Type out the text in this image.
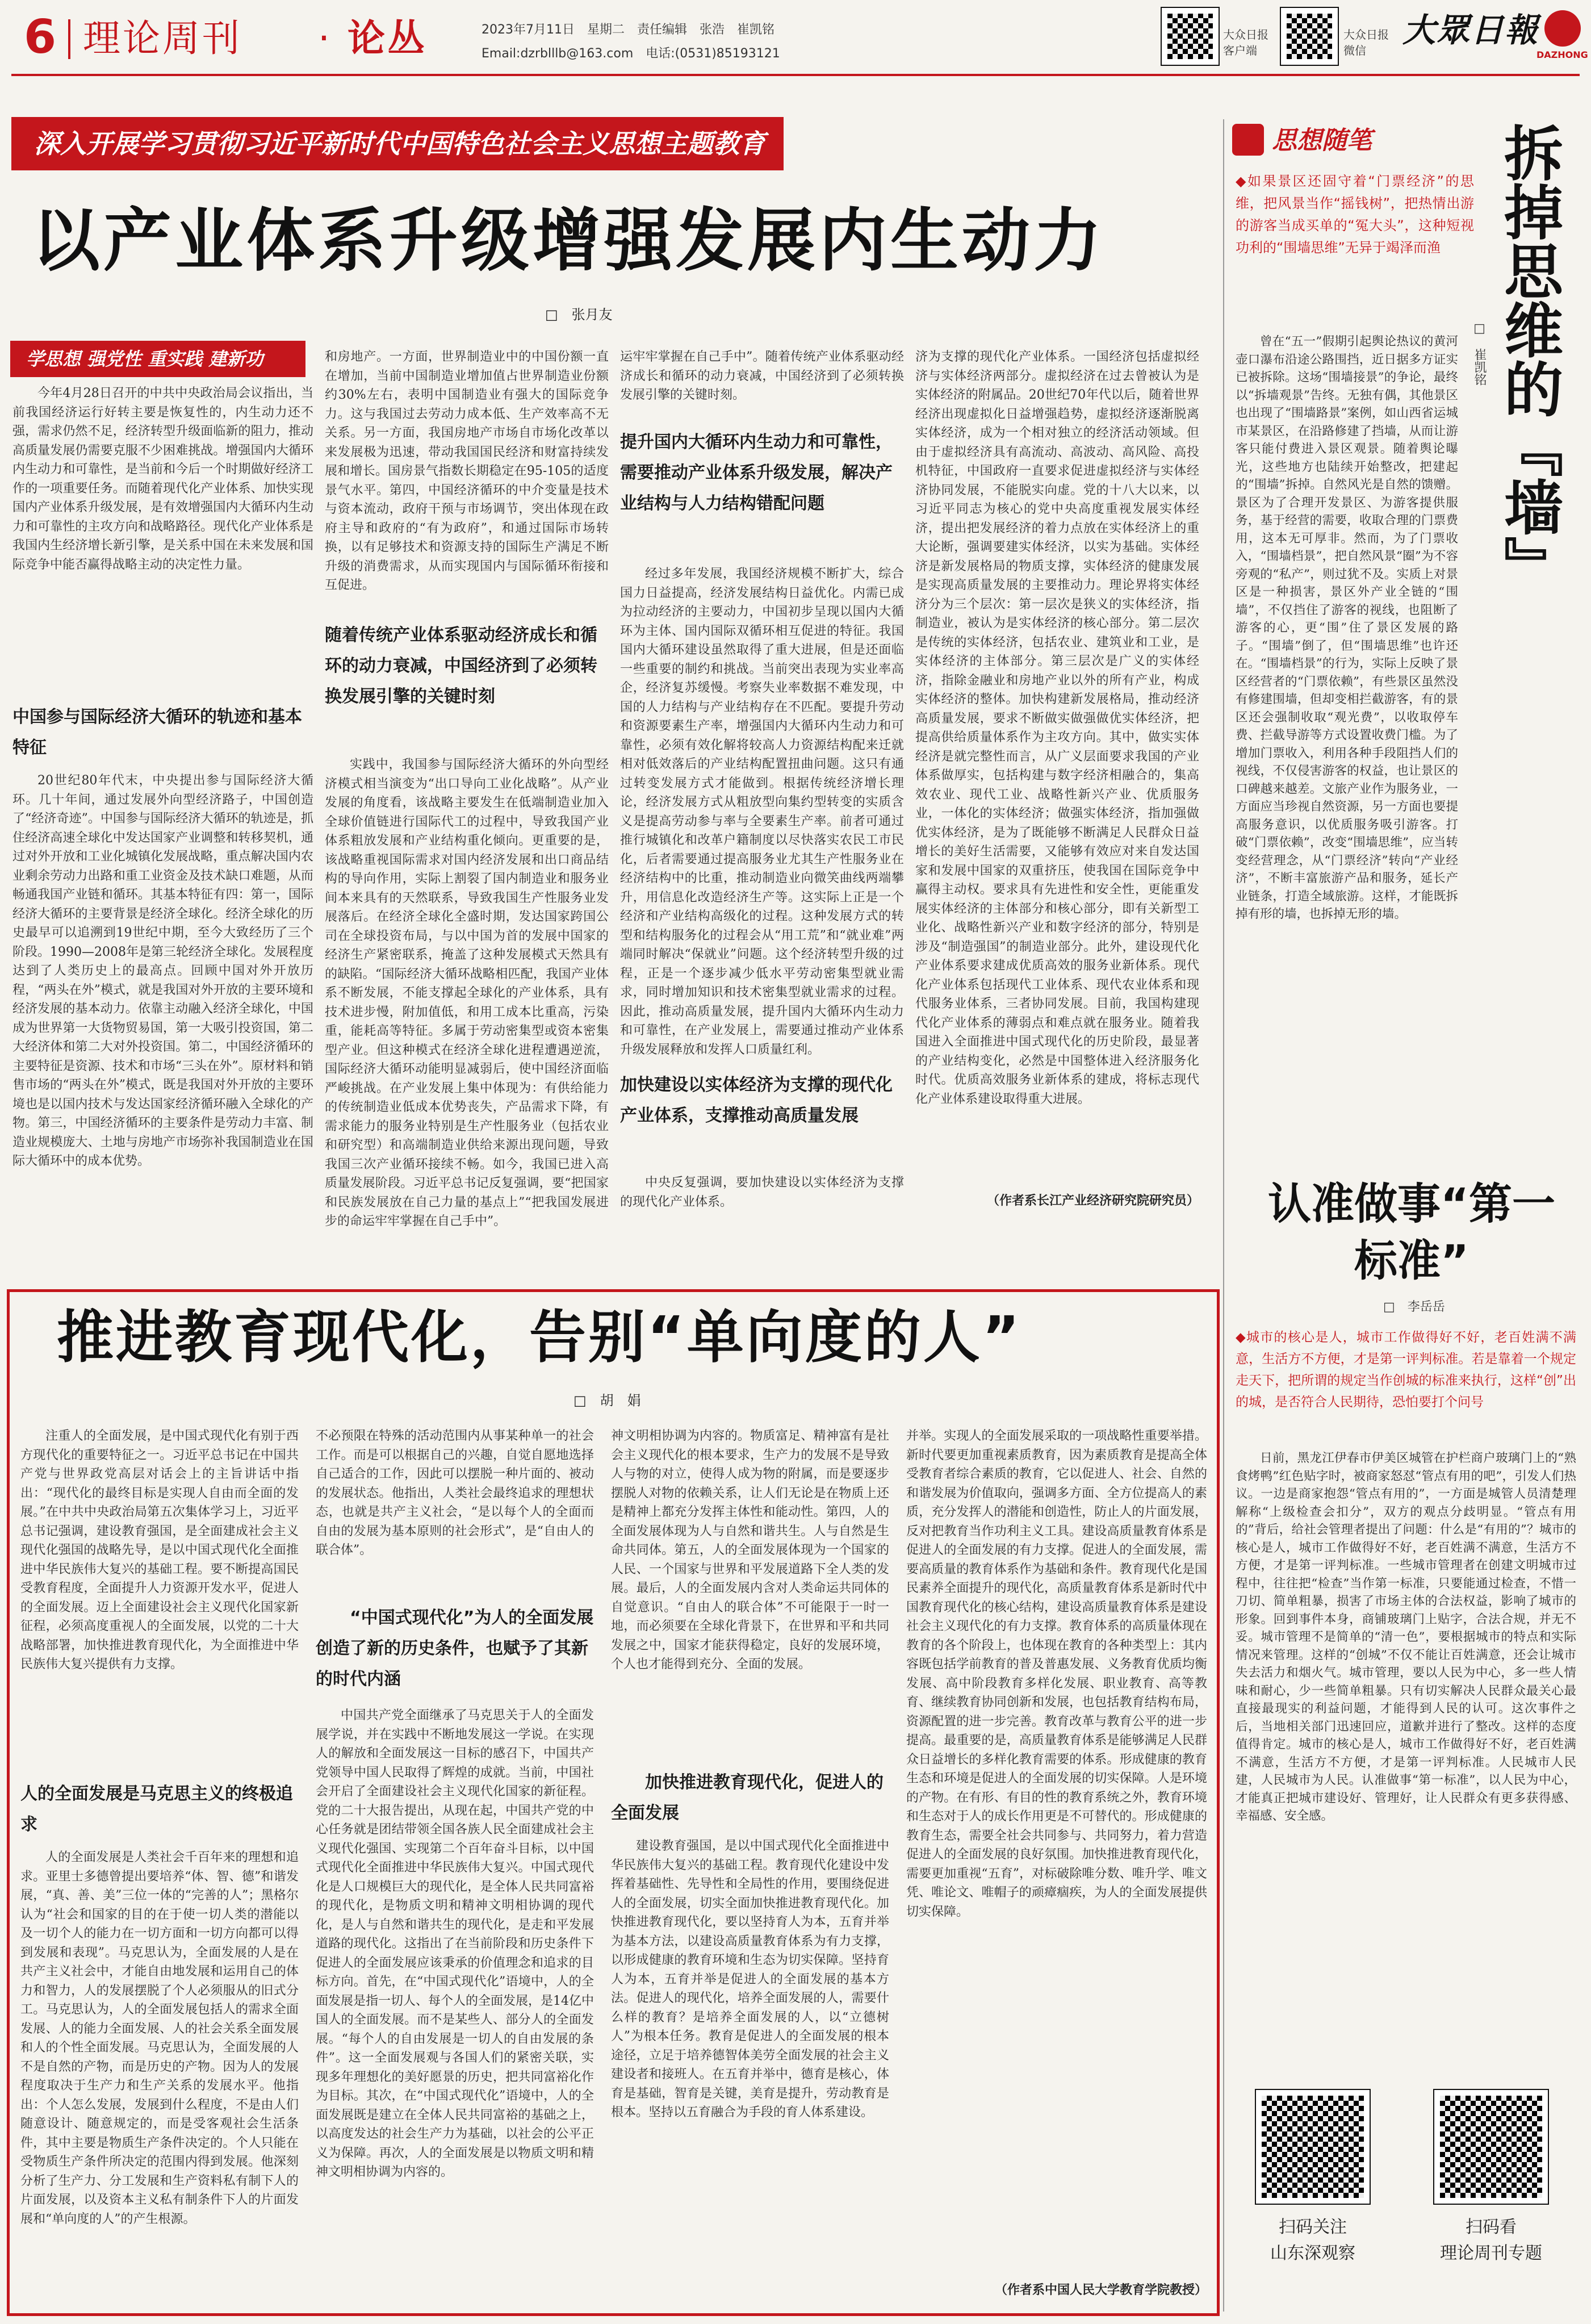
6 理论周刊 · 论丛	2023年7月11日　星期二　责任编辑　张浩　崔凯铭
Email:dzrblllb@163.com　电话:(0531)85193121
大众日报
客户端
大众日报
微信
大眾日報
DAZHONG
深入开展学习贯彻习近平新时代中国特色社会主义思想主题教育
以产业体系升级增强发展内生动力
□　张月友
学思想 强党性 重实践 建新功

今年4月28日召开的中共中央政治局会议指出，当前我国经济运行好转主要是恢复性的，内生动力还不强，需求仍然不足，经济转型升级面临新的阻力，推动高质量发展仍需要克服不少困难挑战。增强国内大循环内生动力和可靠性，是当前和今后一个时期做好经济工作的一项重要任务。而随着现代化产业体系、加快实现国内产业体系升级发展，是有效增强国内大循环内生动力和可靠性的主攻方向和战略路径。现代化产业体系是我国内生经济增长新引擎，是关系中国在未来发展和国际竞争中能否赢得战略主动的决定性力量。

中国参与国际经济大循环的轨迹和基本特征

20世纪80年代末，中央提出参与国际经济大循环。几十年间，通过发展外向型经济路子，中国创造了“经济奇迹”。中国参与国际经济大循环的轨迹是，抓住经济高速全球化中发达国家产业调整和转移契机，通过对外开放和工业化城镇化发展战略，重点解决国内农业剩余劳动力出路和重工业资金及技术缺口难题，从而畅通我国产业链和循环。其基本特征有四：第一，国际经济大循环的主要背景是经济全球化。经济全球化的历史最早可以追溯到19世纪中期，至今大致经历了三个阶段。1990—2008年是第三轮经济全球化。发展程度达到了人类历史上的最高点。回顾中国对外开放历程，“两头在外”模式，就是我国对外开放的主要环境和经济发展的基本动力。依靠主动融入经济全球化，中国成为世界第一大货物贸易国，第一大吸引投资国，第二大经济体和第二大对外投资国。第二，中国经济循环的主要特征是资源、技术和市场“三头在外”。原材料和销售市场的“两头在外”模式，既是我国对外开放的主要环境也是以国内技术与发达国家经济循环融入全球化的产物。第三，中国经济循环的主要条件是劳动力丰富、制造业规模庞大、土地与房地产市场弥补我国制造业在国际大循环中的成本优势。

和房地产。一方面，世界制造业中的中国份额一直在增加，当前中国制造业增加值占世界制造业份额约30%左右，表明中国制造业有强大的国际竞争力。这与我国过去劳动力成本低、生产效率高不无关系。另一方面，我国房地产市场自市场化改革以来发展极为迅速，带动我国国民经济和财富持续发展和增长。国房景气指数长期稳定在95-105的适度景气水平。第四，中国经济循环的中介变量是技术与资本流动，政府干预与市场调节，突出体现在政府主导和政府的“有为政府”，和通过国际市场转换，以有足够技术和资源支持的国际生产满足不断升级的消费需求，从而实现国内与国际循环衔接和互促进。

随着传统产业体系驱动经济成长和循环的动力衰减，中国经济到了必须转换发展引擎的关键时刻

实践中，我国参与国际经济大循环的外向型经济模式相当演变为“出口导向工业化战略”。从产业发展的角度看，该战略主要发生在低端制造业加入全球价值链进行国际代工的过程中，导致我国产业体系粗放发展和产业结构重化倾向。更重要的是，该战略重视国际需求对国内经济发展和出口商品结构的导向作用，实际上割裂了国内制造业和服务业间本来具有的天然联系，导致我国生产性服务业发展落后。在经济全球化全盛时期，发达国家跨国公司在全球投资布局，与以中国为首的发展中国家的经济生产紧密联系，掩盖了这种发展模式天然具有的缺陷。“国际经济大循环战略相匹配，我国产业体系不断发展，不能支撑起全球化的产业体系，具有技术进步慢，附加值低，和用工成本比重高，污染重，能耗高等特征。多属于劳动密集型或资本密集型产业。但这种模式在经济全球化进程遭遇逆流，国际经济大循环动能明显减弱后，使中国经济面临严峻挑战。在产业发展上集中体现为：有供给能力的传统制造业低成本优势丧失，产品需求下降，有需求能力的服务业特别是生产性服务业（包括农业和研究型）和高端制造业供给来源出现问题，导致我国三次产业循环接续不畅。如今，我国已进入高质量发展阶段。习近平总书记反复强调，要“把国家和民族发展放在自己力量的基点上”“把我国发展进步的命运牢牢掌握在自己手中”。

运牢牢掌握在自己手中”。随着传统产业体系驱动经济成长和循环的动力衰减，中国经济到了必须转换发展引擎的关键时刻。

提升国内大循环内生动力和可靠性，需要推动产业体系升级发展，解决产业结构与人力结构错配问题

经过多年发展，我国经济规模不断扩大，综合国力日益提高，经济发展结构日益优化。内需已成为拉动经济的主要动力，中国初步呈现以国内大循环为主体、国内国际双循环相互促进的特征。我国国内大循环建设虽然取得了重大进展，但是还面临一些重要的制约和挑战。当前突出表现为实业率高企，经济复苏缓慢。考察失业率数据不难发现，中国的人力结构与产业结构存在不匹配。要提升劳动和资源要素生产率，增强国内大循环内生动力和可靠性，必须有效化解将较高人力资源结构配来迁就相对低效落后的产业结构配置扭曲问题。这只有通过转变发展方式才能做到。根据传统经济增长理论，经济发展方式从粗放型向集约型转变的实质含义是提高劳动参与率与全要素生产率。前者可通过推行城镇化和改革户籍制度以尽快落实农民工市民化，后者需要通过提高服务业尤其生产性服务业在经济结构中的比重，推动制造业向微笑曲线两端攀升，用信息化改造经济生产等。这实际上正是一个经济和产业结构高级化的过程。这种发展方式的转型和结构服务化的过程会从“用工荒”和“就业难”两端同时解决“保就业”问题。这个经济转型升级的过程，正是一个逐步减少低水平劳动密集型就业需求，同时增加知识和技术密集型就业需求的过程。因此，推动高质量发展，提升国内大循环内生动力和可靠性，在产业发展上，需要通过推动产业体系升级发展释放和发挥人口质量红利。

加快建设以实体经济为支撑的现代化产业体系，支撑推动高质量发展

中央反复强调，要加快建设以实体经济为支撑的现代化产业体系。

济为支撑的现代化产业体系。一国经济包括虚拟经济与实体经济两部分。虚拟经济在过去曾被认为是实体经济的附属品。20世纪70年代以后，随着世界经济出现虚拟化日益增强趋势，虚拟经济逐渐脱离实体经济，成为一个相对独立的经济活动领域。但由于虚拟经济具有高流动、高波动、高风险、高投机特征，中国政府一直要求促进虚拟经济与实体经济协同发展，不能脱实向虚。党的十八大以来，以习近平同志为核心的党中央高度重视发展实体经济，提出把发展经济的着力点放在实体经济上的重大论断，强调要建实体经济，以实为基础。实体经济是新发展格局的物质支撑，实体经济的健康发展是实现高质量发展的主要推动力。理论界将实体经济分为三个层次：第一层次是狭义的实体经济，指制造业，被认为是实体经济的核心部分。第二层次是传统的实体经济，包括农业、建筑业和工业，是实体经济的主体部分。第三层次是广义的实体经济，指除金融业和房地产业以外的所有产业，构成实体经济的整体。加快构建新发展格局，推动经济高质量发展，要求不断做实做强做优实体经济，把提高供给质量体系作为主攻方向。其中，做实实体经济是就完整性而言，从广义层面要求我国的产业体系做厚实，包括构建与数字经济相融合的，集高效农业、现代工业、战略性新兴产业、优质服务业，一体化的实体经济；做强实体经济，指加强做优实体经济，是为了既能够不断满足人民群众日益增长的美好生活需要，又能够有效应对来自发达国家和发展中国家的双重挤压，使我国在国际竞争中赢得主动权。要求具有先进性和安全性，更能重发展实体经济的主体部分和核心部分，即有关新型工业化、战略性新兴产业和数字经济的部分，特别是涉及“制造强国”的制造业部分。此外，建设现代化产业体系要求建成优质高效的服务业新体系。现代化产业体系包括现代工业体系、现代农业体系和现代服务业体系，三者协同发展。目前，我国构建现代化产业体系的薄弱点和难点就在服务业。随着我国进入全面推进中国式现代化的历史阶段，最显著的产业结构变化，必然是中国整体进入经济服务化时代。优质高效服务业新体系的建成，将标志现代化产业体系建设取得重大进展。

（作者系长江产业经济研究院研究员）

推进教育现代化，告别“单向度的人”
□　胡　娟

注重人的全面发展，是中国式现代化有别于西方现代化的重要特征之一。习近平总书记在中国共产党与世界政党高层对话会上的主旨讲话中指出：“现代化的最终目标是实现人自由而全面的发展。”在中共中央政治局第五次集体学习上，习近平总书记强调，建设教育强国，是全面建成社会主义现代化强国的战略先导，是以中国式现代化全面推进中华民族伟大复兴的基础工程。要不断提高国民受教育程度，全面提升人力资源开发水平，促进人的全面发展。迈上全面建设社会主义现代化国家新征程，必须高度重视人的全面发展，以党的二十大战略部署，加快推进教育现代化，为全面推进中华民族伟大复兴提供有力支撑。

人的全面发展是马克思主义的终极追求

人的全面发展是人类社会千百年来的理想和追求。亚里士多德曾提出要培养“体、智、德”和谐发展，“真、善、美”三位一体的“完善的人”；黑格尔认为“社会和国家的目的在于使一切人类的潜能以及一切个人的能力在一切方面和一切方向都可以得到发展和表现”。马克思认为，全面发展的人是在共产主义社会中，才能自由地发展和运用自己的体力和智力，人的发展摆脱了个人必须服从的旧式分工。马克思认为，人的全面发展包括人的需求全面发展、人的能力全面发展、人的社会关系全面发展和人的个性全面发展。马克思认为，全面发展的人不是自然的产物，而是历史的产物。因为人的发展程度取决于生产力和生产关系的发展水平。他指出：个人怎么发展，发展到什么程度，不是由人们随意设计、随意规定的，而是受客观社会生活条件，其中主要是物质生产条件决定的。个人只能在受物质生产条件所决定的范围内得到发展。他深刻分析了生产力、分工发展和生产资料私有制下人的片面发展，以及资本主义私有制条件下人的片面发展和“单向度的人”的产生根源。

不必预限在特殊的活动范围内从事某种单一的社会工作。而是可以根据自己的兴趣，自觉自愿地选择自己适合的工作，因此可以摆脱一种片面的、被动的发展状态。他指出，人类社会最终追求的理想状态，也就是共产主义社会，“是以每个人的全面而自由的发展为基本原则的社会形式”，是“自由人的联合体”。

“中国式现代化”为人的全面发展创造了新的历史条件，也赋予了其新的时代内涵

中国共产党全面继承了马克思关于人的全面发展学说，并在实践中不断地发展这一学说。在实现人的解放和全面发展这一目标的感召下，中国共产党领导中国人民取得了辉煌的成就。当前，中国社会开启了全面建设社会主义现代化国家的新征程。党的二十大报告提出，从现在起，中国共产党的中心任务就是团结带领全国各族人民全面建成社会主义现代化强国、实现第二个百年奋斗目标，以中国式现代化全面推进中华民族伟大复兴。中国式现代化是人口规模巨大的现代化，是全体人民共同富裕的现代化，是物质文明和精神文明相协调的现代化，是人与自然和谐共生的现代化，是走和平发展道路的现代化。这指出了在当前阶段和历史条件下促进人的全面发展应该秉承的价值理念和追求的目标方向。首先，在“中国式现代化”语境中，人的全面发展是指一切人、每个人的全面发展，是14亿中国人的全面发展。而不是某些人、部分人的全面发展。“每个人的自由发展是一切人的自由发展的条件”。这一全面发展观与各国人们的紧密关联，实现多年理想化的美好愿景的历史，把共同富裕化作为目标。其次，在“中国式现代化”语境中，人的全面发展既是建立在全体人民共同富裕的基础之上，以高度发达的社会生产力为基础，以社会的公平正义为保障。再次，人的全面发展是以物质文明和精神文明相协调为内容的。

神文明相协调为内容的。物质富足、精神富有是社会主义现代化的根本要求，生产力的发展不是导致人与物的对立，使得人成为物的附属，而是要逐步摆脱人对物的依赖关系，让人们无论是在物质上还是精神上都充分发挥主体性和能动性。第四，人的全面发展体现为人与自然和谐共生。人与自然是生命共同体。第五，人的全面发展体现为一个国家的人民、一个国家与世界和平发展道路下全人类的发展。最后，人的全面发展内含对人类命运共同体的自觉意识。“自由人的联合体”不可能限于一时一地，而必须要在全球化背景下，在世界和平和共同发展之中，国家才能获得稳定，良好的发展环境，个人也才能得到充分、全面的发展。

加快推进教育现代化，促进人的全面发展

建设教育强国，是以中国式现代化全面推进中华民族伟大复兴的基础工程。教育现代化建设中发挥着基础性、先导性和全局性的作用，要围绕促进人的全面发展，切实全面加快推进教育现代化。加快推进教育现代化，要以坚持育人为本，五育并举为基本方法，以建设高质量教育体系为有力支撑，以形成健康的教育环境和生态为切实保障。坚持育人为本，五育并举是促进人的全面发展的基本方法。促进人的现代化，培养全面发展的人，需要什么样的教育？是培养全面发展的人，以“立德树人”为根本任务。教育是促进人的全面发展的根本途径，立足于培养德智体美劳全面发展的社会主义建设者和接班人。在五育并举中，德育是核心，体育是基础，智育是关键，美育是提升，劳动教育是根本。坚持以五育融合为手段的育人体系建设。

并举。实现人的全面发展采取的一项战略性重要举措。新时代要更加重视素质教育，因为素质教育是提高全体受教育者综合素质的教育，它以促进人、社会、自然的和谐发展为价值取向，强调多方面、全方位提高人的素质，充分发挥人的潜能和创造性，防止人的片面发展，反对把教育当作功利主义工具。建设高质量教育体系是促进人的全面发展的有力支撑。促进人的全面发展，需要高质量的教育体系作为基础和条件。教育现代化是国民素养全面提升的现代化，高质量教育体系是新时代中国教育现代化的核心结构，建设高质量教育体系是建设社会主义现代化的有力支撑。教育体系的高质量体现在教育的各个阶段上，也体现在教育的各种类型上：其内容既包括学前教育的普及普惠发展、义务教育优质均衡发展、高中阶段教育多样化发展、职业教育、高等教育、继续教育协同创新和发展，也包括教育结构布局，资源配置的进一步完善。教育改革与教育公平的进一步提高。最重要的是，高质量教育体系是能够满足人民群众日益增长的多样化教育需要的体系。形成健康的教育生态和环境是促进人的全面发展的切实保障。人是环境的产物。在有形、有目的性的教育系统之外，教育环境和生态对于人的成长作用更是不可替代的。形成健康的教育生态，需要全社会共同参与、共同努力，着力营造促进人的全面发展的良好氛围。加快推进教育现代化，需要更加重视“五育”，对标破除唯分数、唯升学、唯文凭、唯论文、唯帽子的顽瘴痼疾，为人的全面发展提供切实保障。

（作者系中国人民大学教育学院教授）

思想随笔
◆如果景区还固守着“门票经济”的思维，把风景当作“摇钱树”，把热情出游的游客当成买单的“冤大头”，这种短视功利的“围墙思维”无异于竭泽而渔 拆掉思维的『墙』
□　崔凯铭
曾在“五一”假期引起舆论热议的黄河壶口瀑布沿途公路围挡，近日据多方证实已被拆除。这场“围墙接景”的争论，最终以“拆墙观景”告终。无独有偶，其他景区也出现了“围墙路景”案例，如山西省运城市某景区，在沿路修建了挡墙，从而让游客只能付费进入景区观景。随着舆论曝光，这些地方也陆续开始整改，把建起的“围墙”拆掉。自然风光是自然的馈赠。景区为了合理开发景区、为游客提供服务，基于经营的需要，收取合理的门票费用，这本无可厚非。然而，为了门票收入，“围墙档景”，把自然风景“圈”为不容旁观的“私产”，则过犹不及。实质上对景区是一种损害，景区外产业全链的“围墙”，不仅挡住了游客的视线，也阻断了游客的心，更“围”住了景区发展的路子。“围墙”倒了，但“围墙思维”也许还在。“围墙档景”的行为，实际上反映了景区经营者的“门票依赖”，有些景区虽然没有修建围墙，但却变相拦截游客，有的景区还会强制收取“观光费”，以收取停车费、拦截导游等方式设置收费门槛。为了增加门票收入，利用各种手段阻挡人们的视线，不仅侵害游客的权益，也让景区的口碑越来越差。文旅产业作为服务业，一方面应当珍视自然资源，另一方面也要提高服务意识，以优质服务吸引游客。打破“门票依赖”，改变“围墙思维”，应当转变经营理念，从“门票经济”转向“产业经济”，不断丰富旅游产品和服务，延长产业链条，打造全域旅游。这样，才能既拆掉有形的墙，也拆掉无形的墙。
认准做事“第一标准”
□　李岳岳
◆城市的核心是人，城市工作做得好不好，老百姓满不满意，生活方不方便，才是第一评判标准。若是靠着一个规定走天下，把所谓的规定当作创城的标准来执行，这样“创”出的城，是否符合人民期待，恐怕要打个问号
日前，黑龙江伊春市伊美区城管在护栏商户玻璃门上的“熟食烤鸭”红色贴字时，被商家怒怼“管点有用的吧”，引发人们热议。一边是商家抱怨“管点有用的”，一方面是城管人员清楚理解称“上级检查会扣分”，双方的观点分歧明显。“管点有用的”背后，给社会管理者提出了问题：什么是“有用的”？城市的核心是人，城市工作做得好不好，老百姓满不满意，生活方不方便，才是第一评判标准。一些城市管理者在创建文明城市过程中，往往把“检查”当作第一标准，只要能通过检查，不惜一刀切、简单粗暴，损害了市场主体的合法权益，影响了城市的形象。回到事件本身，商铺玻璃门上贴字，合法合规，并无不妥。城市管理不是简单的“清一色”，要根据城市的特点和实际情况来管理。这样的“创城”不仅不能让百姓满意，还会让城市失去活力和烟火气。城市管理，要以人民为中心，多一些人情味和耐心，少一些简单粗暴。只有切实解决人民群众最关心最直接最现实的利益问题，才能得到人民的认可。这次事件之后，当地相关部门迅速回应，道歉并进行了整改。这样的态度值得肯定。城市的核心是人，城市工作做得好不好，老百姓满不满意，生活方不方便，才是第一评判标准。人民城市人民建，人民城市为人民。认准做事“第一标准”，以人民为中心，才能真正把城市建设好、管理好，让人民群众有更多获得感、幸福感、安全感。
扫码关注
山东深观察
扫码看
理论周刊专题
